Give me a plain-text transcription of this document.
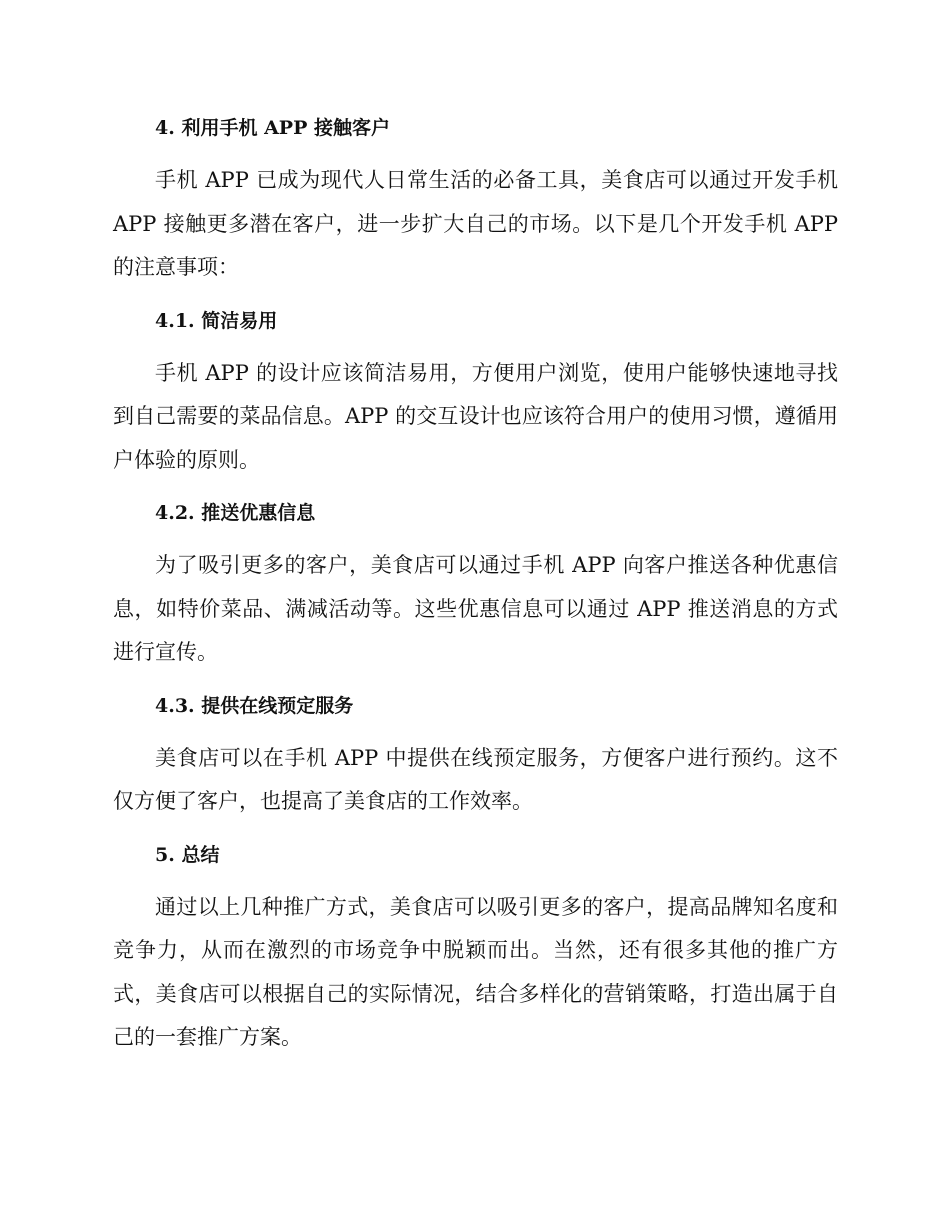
4. 利用手机 APP 接触客户

手机 APP 已成为现代人日常生活的必备工具，美食店可以通过开发手机 APP 接触更多潜在客户，进一步扩大自己的市场。以下是几个开发手机 APP 的注意事项：

4.1. 简洁易用

手机 APP 的设计应该简洁易用，方便用户浏览，使用户能够快速地寻找到自己需要的菜品信息。APP 的交互设计也应该符合用户的使用习惯，遵循用户体验的原则。

4.2. 推送优惠信息

为了吸引更多的客户，美食店可以通过手机 APP 向客户推送各种优惠信息，如特价菜品、满减活动等。这些优惠信息可以通过 APP 推送消息的方式进行宣传。

4.3. 提供在线预定服务

美食店可以在手机 APP 中提供在线预定服务，方便客户进行预约。这不仅方便了客户，也提高了美食店的工作效率。

5. 总结

通过以上几种推广方式，美食店可以吸引更多的客户，提高品牌知名度和竞争力，从而在激烈的市场竞争中脱颖而出。当然，还有很多其他的推广方式，美食店可以根据自己的实际情况，结合多样化的营销策略，打造出属于自己的一套推广方案。
